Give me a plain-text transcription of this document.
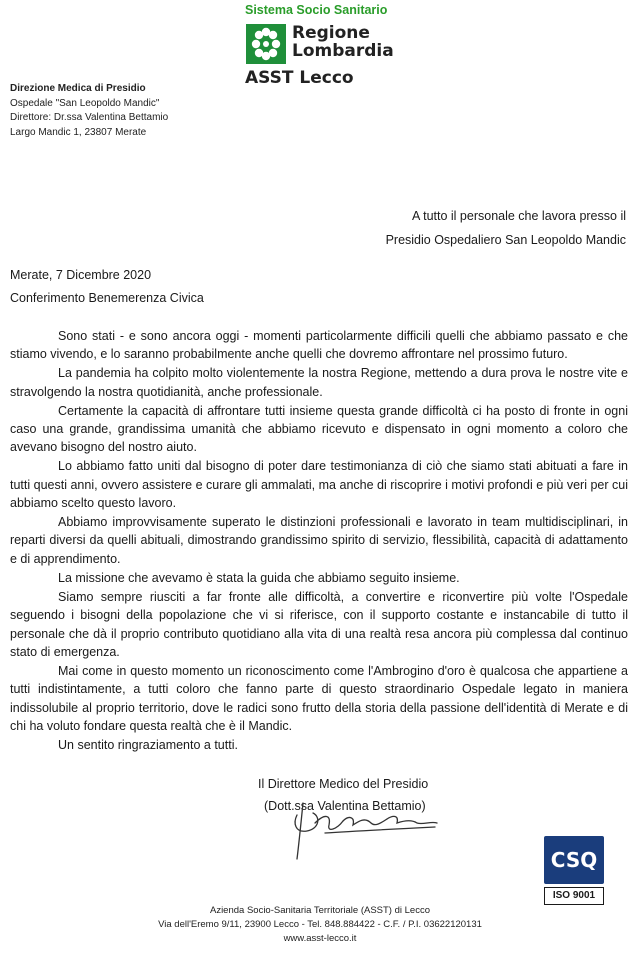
Sistema Socio Sanitario
Regione
Lombardia
ASST Lecco
Direzione Medica di Presidio
Ospedale "San Leopoldo Mandic"
Direttore: Dr.ssa Valentina Bettamio
Largo Mandic 1, 23807 Merate
A tutto il personale che lavora presso il
Presidio Ospedaliero San Leopoldo Mandic
Merate, 7 Dicembre 2020
Conferimento Benemerenza Civica

Sono stati - e sono ancora oggi - momenti particolarmente difficili quelli che abbiamo passato e che stiamo vivendo, e lo saranno probabilmente anche quelli che dovremo affrontare nel prossimo futuro.

La pandemia ha colpito molto violentemente la nostra Regione, mettendo a dura prova le nostre vite e stravolgendo la nostra quotidianità, anche professionale.

Certamente la capacità di affrontare tutti insieme questa grande difficoltà ci ha posto di fronte in ogni caso una grande, grandissima umanità che abbiamo ricevuto e dispensato in ogni momento a coloro che avevano bisogno del nostro aiuto.

Lo abbiamo fatto uniti dal bisogno di poter dare testimonianza di ciò che siamo stati abituati a fare in tutti questi anni, ovvero assistere e curare gli ammalati, ma anche di riscoprire i motivi profondi e più veri per cui abbiamo scelto questo lavoro.

Abbiamo improvvisamente superato le distinzioni professionali e lavorato in team multidisciplinari, in reparti diversi da quelli abituali, dimostrando grandissimo spirito di servizio, flessibilità, capacità di adattamento e di apprendimento.

La missione che avevamo è stata la guida che abbiamo seguito insieme.

Siamo sempre riusciti a far fronte alle difficoltà, a convertire e riconvertire più volte l'Ospedale seguendo i bisogni della popolazione che vi si riferisce, con il supporto costante e instancabile di tutto il personale che dà il proprio contributo quotidiano alla vita di una realtà resa ancora più complessa dal continuo stato di emergenza.

Mai come in questo momento un riconoscimento come l'Ambrogino d'oro è qualcosa che appartiene a tutti indistintamente, a tutti coloro che fanno parte di questo straordinario Ospedale legato in maniera indissolubile al proprio territorio, dove le radici sono frutto della storia della passione dell'identità di Merate e di chi ha voluto fondare questa realtà che è il Mandic.

Un sentito ringraziamento a tutti.

Il Direttore Medico del Presidio
(Dott.ssa Valentina Bettamio)
CSQ
ISO 9001
Azienda Socio-Sanitaria Territoriale (ASST) di Lecco
Via dell'Eremo 9/11, 23900 Lecco - Tel. 848.884422 - C.F. / P.I. 03622120131
www.asst-lecco.it
